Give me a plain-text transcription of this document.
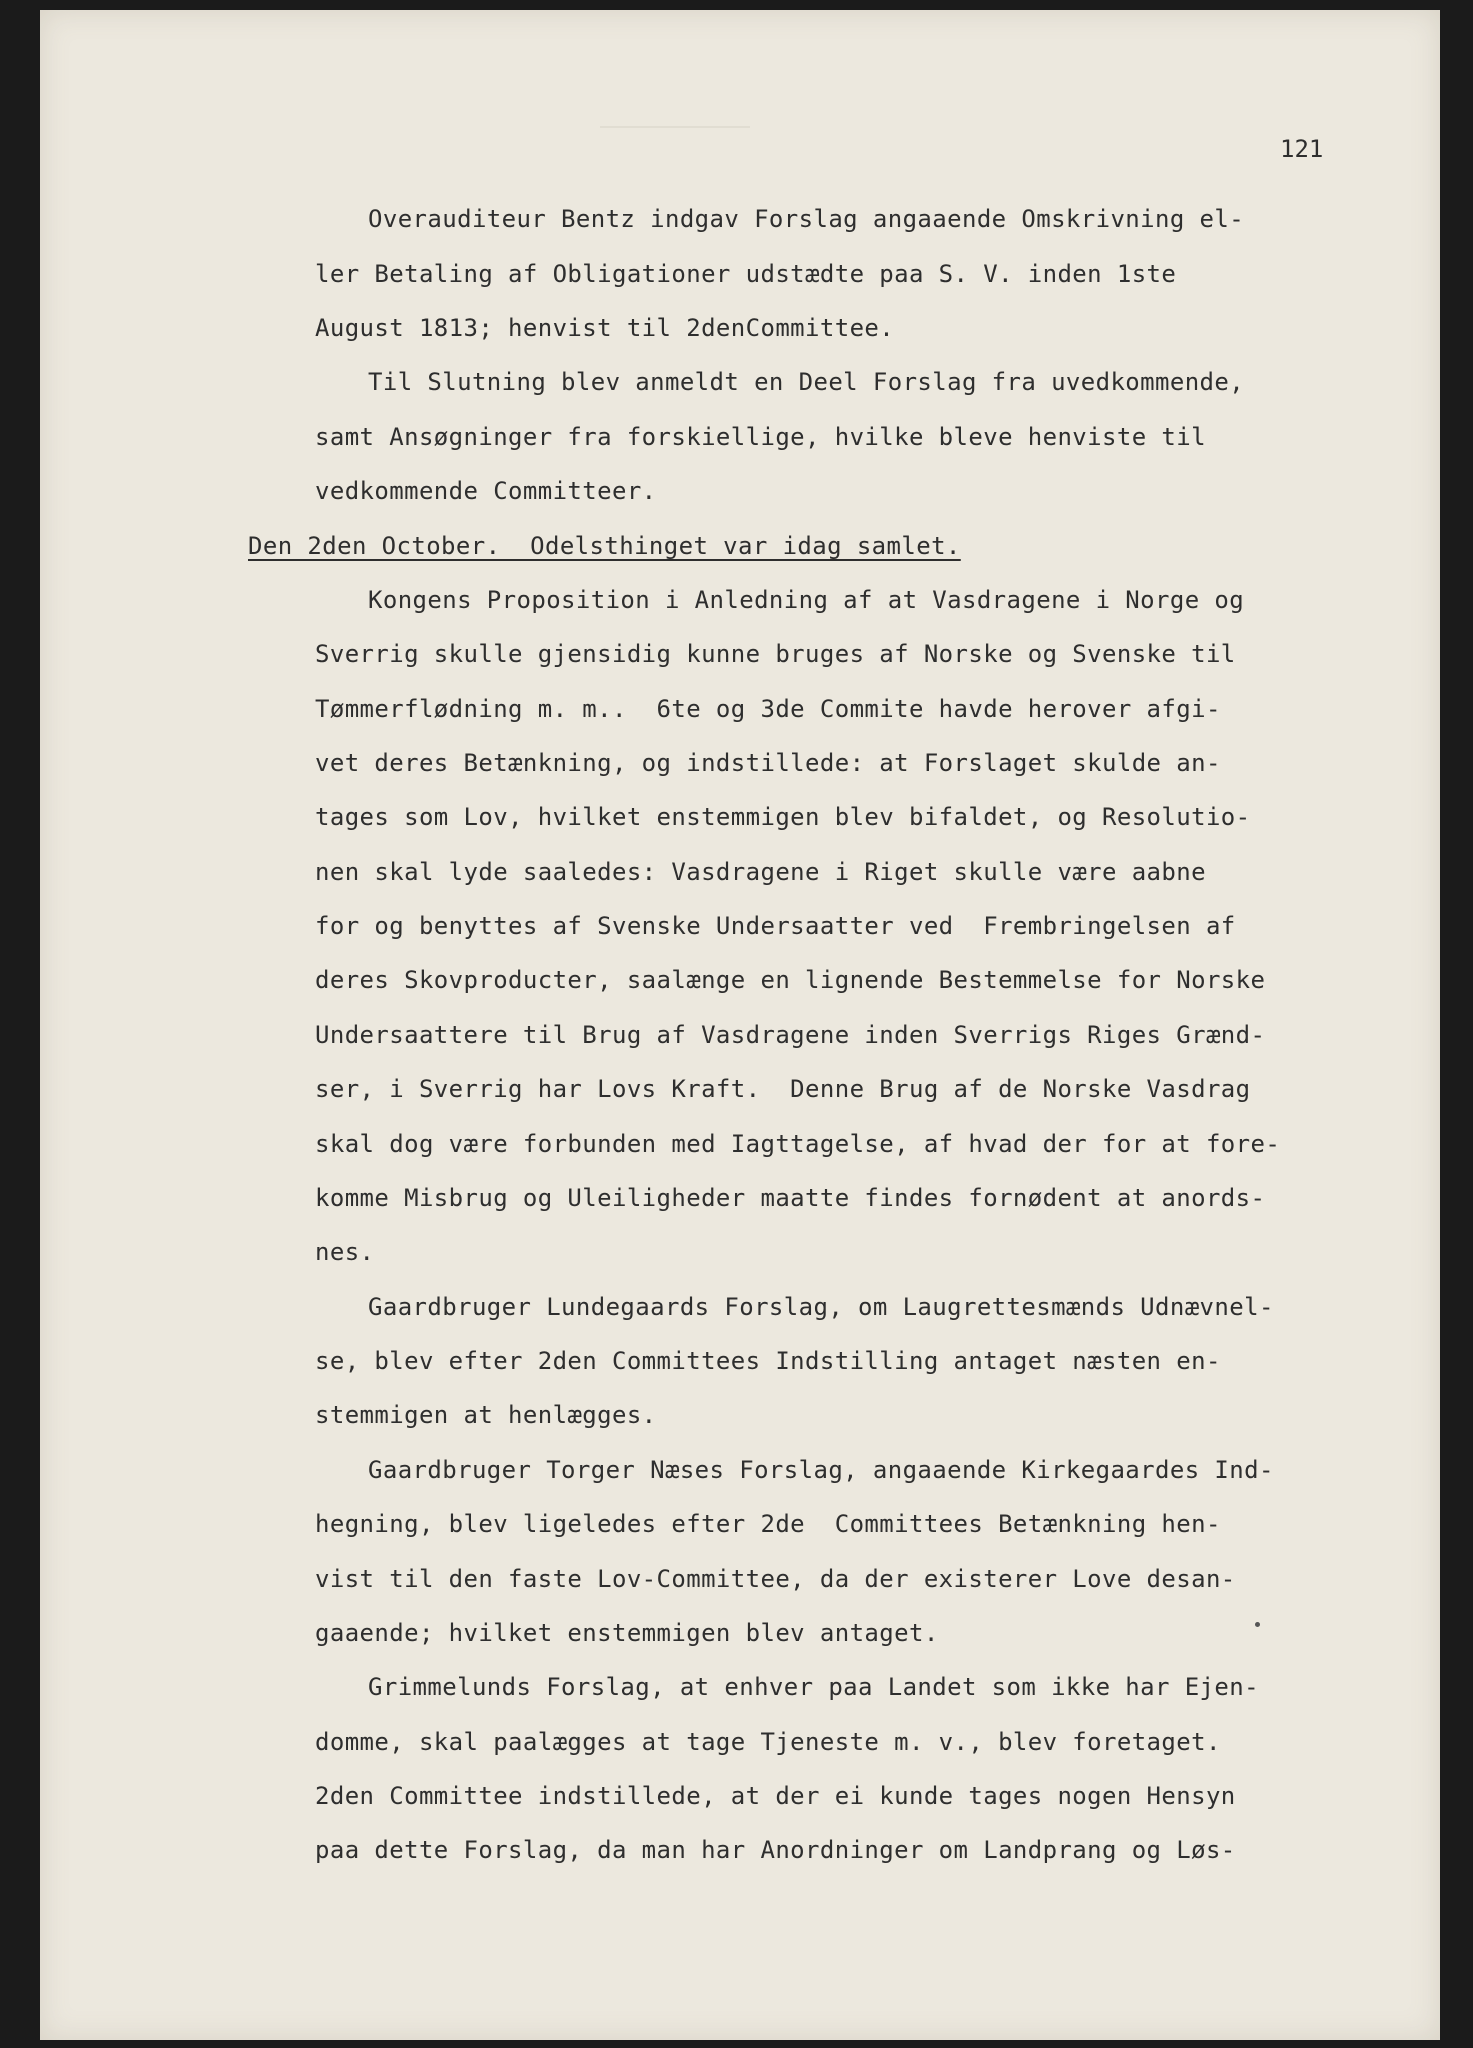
121
Overauditeur Bentz indgav Forslag angaaende Omskrivning el-
ler Betaling af Obligationer udstædte paa S. V. inden 1ste
August 1813; henvist til 2denCommittee.
Til Slutning blev anmeldt en Deel Forslag fra uvedkommende,
samt Ansøgninger fra forskiellige, hvilke bleve henviste til
vedkommende Committeer.
Den 2den October.  Odelsthinget var idag samlet.
Kongens Proposition i Anledning af at Vasdragene i Norge og
Sverrig skulle gjensidig kunne bruges af Norske og Svenske til
Tømmerflødning m. m..  6te og 3de Commite havde herover afgi-
vet deres Betænkning, og indstillede: at Forslaget skulde an-
tages som Lov, hvilket enstemmigen blev bifaldet, og Resolutio-
nen skal lyde saaledes: Vasdragene i Riget skulle være aabne
for og benyttes af Svenske Undersaatter ved  Frembringelsen af
deres Skovproducter, saalænge en lignende Bestemmelse for Norske
Undersaattere til Brug af Vasdragene inden Sverrigs Riges Grænd-
ser, i Sverrig har Lovs Kraft.  Denne Brug af de Norske Vasdrag
skal dog være forbunden med Iagttagelse, af hvad der for at fore-
komme Misbrug og Uleiligheder maatte findes fornødent at anords-
nes.
Gaardbruger Lundegaards Forslag, om Laugrettesmænds Udnævnel-
se, blev efter 2den Committees Indstilling antaget næsten en-
stemmigen at henlægges.
Gaardbruger Torger Næses Forslag, angaaende Kirkegaardes Ind-
hegning, blev ligeledes efter 2de  Committees Betænkning hen-
vist til den faste Lov-Committee, da der existerer Love desan-
gaaende; hvilket enstemmigen blev antaget.
Grimmelunds Forslag, at enhver paa Landet som ikke har Ejen-
domme, skal paalægges at tage Tjeneste m. v., blev foretaget.
2den Committee indstillede, at der ei kunde tages nogen Hensyn
paa dette Forslag, da man har Anordninger om Landprang og Løs-
